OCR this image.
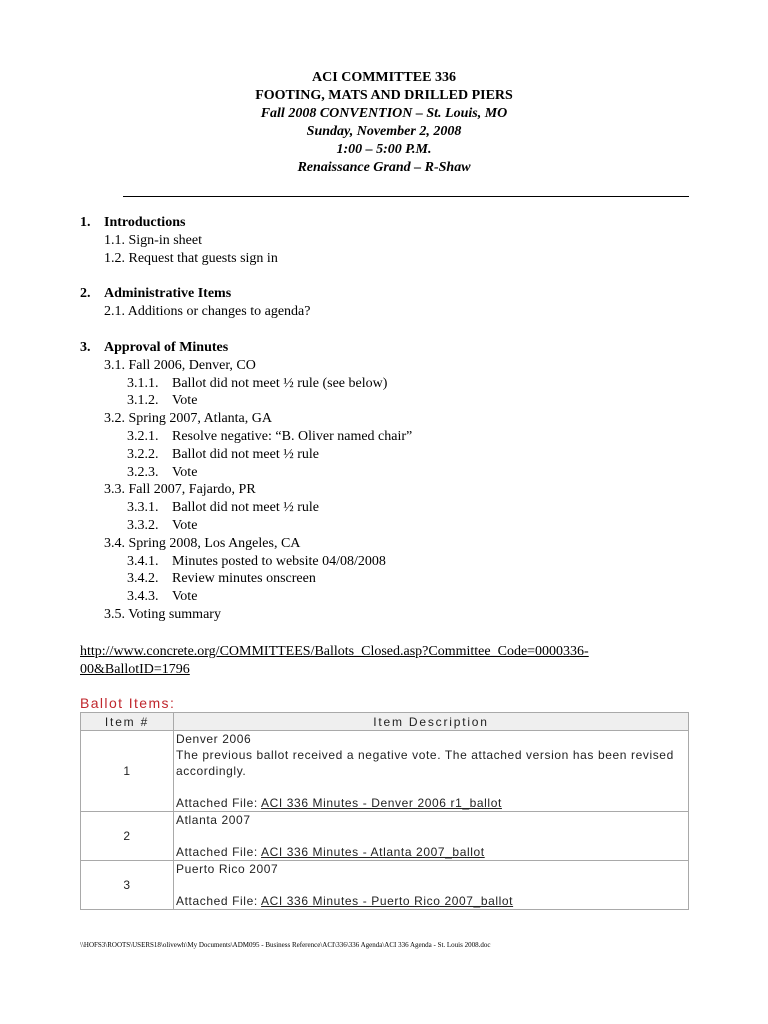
ACI COMMITTEE 336
FOOTING, MATS AND DRILLED PIERS
Fall 2008 CONVENTION – St. Louis, MO
Sunday, November 2, 2008
1:00 – 5:00 P.M.
Renaissance Grand – R-Shaw
1. Introductions
1.1. Sign-in sheet
1.2. Request that guests sign in
2. Administrative Items
2.1. Additions or changes to agenda?
3. Approval of Minutes
3.1. Fall 2006, Denver, CO
3.1.1. Ballot did not meet ½ rule (see below)
3.1.2. Vote
3.2. Spring 2007, Atlanta, GA
3.2.1. Resolve negative: “B. Oliver named chair”
3.2.2. Ballot did not meet ½ rule
3.2.3. Vote
3.3. Fall 2007, Fajardo, PR
3.3.1. Ballot did not meet ½ rule
3.3.2. Vote
3.4. Spring 2008, Los Angeles, CA
3.4.1. Minutes posted to website 04/08/2008
3.4.2. Review minutes onscreen
3.4.3. Vote
3.5. Voting summary
http://www.concrete.org/COMMITTEES/Ballots_Closed.asp?Committee_Code=0000336-
00&BallotID=1796
Ballot Items:
Item #	Item Description
1	Denver 2006
The previous ballot received a negative vote. The attached version has been revised accordingly.
Attached File: ACI 336 Minutes - Denver 2006 r1_ballot

2	Atlanta 2007
Attached File: ACI 336 Minutes - Atlanta 2007_ballot

3	Puerto Rico 2007
Attached File: ACI 336 Minutes - Puerto Rico 2007_ballot
\\HOFS3\ROOTS\USERS18\olivewh\My Documents\ADM095 - Business Reference\ACI\336\336 Agenda\ACI 336 Agenda - St. Louis 2008.doc
